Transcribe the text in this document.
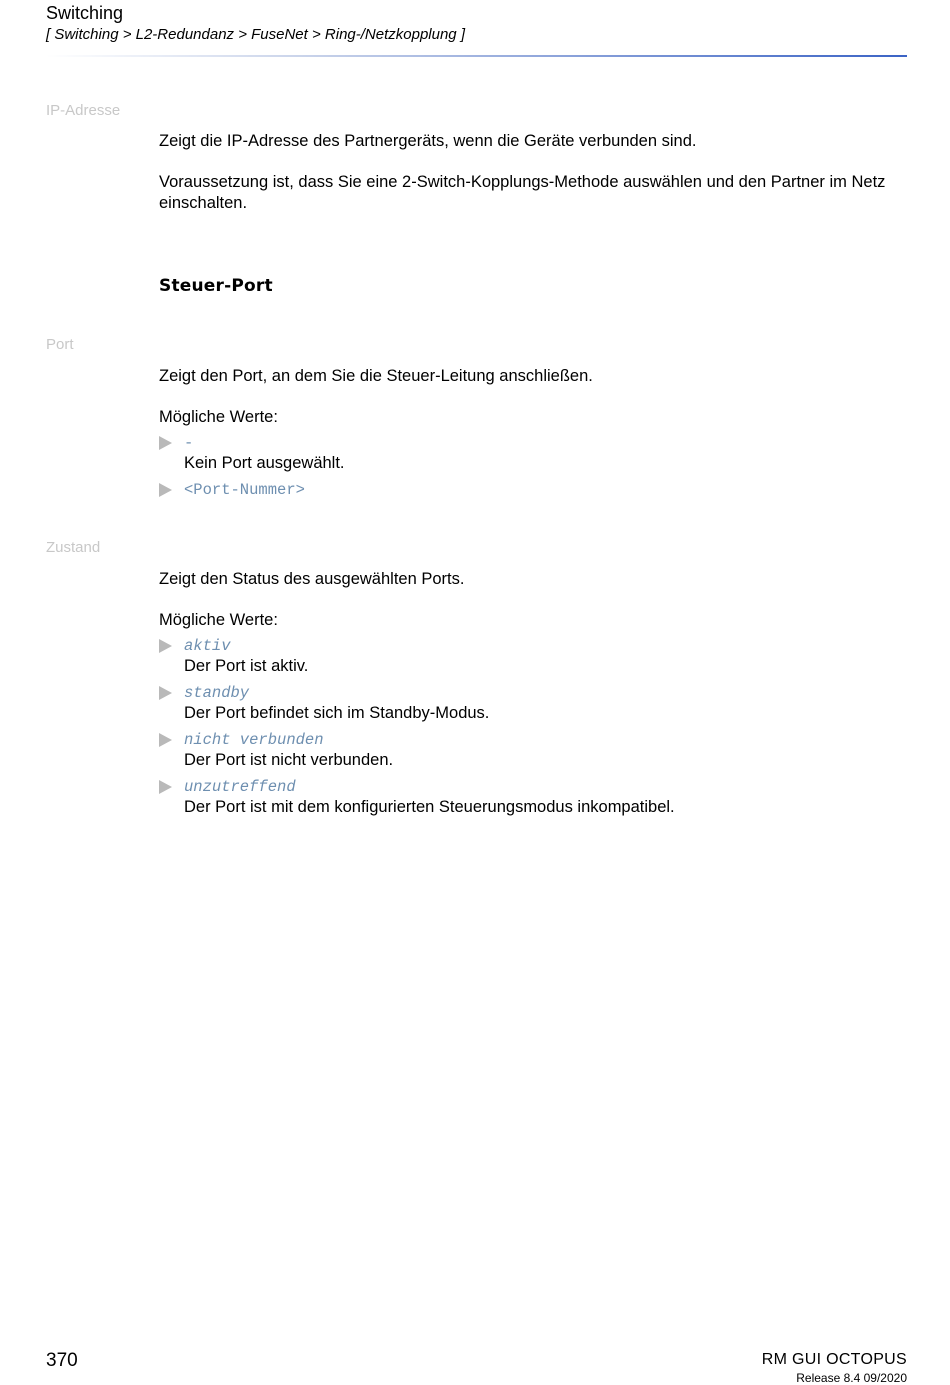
Switching
[ Switching > L2-Redundanz > FuseNet > Ring-/Netzkopplung ]
IP-Adresse
Zeigt die IP-Adresse des Partnergeräts, wenn die Geräte verbunden sind.
Voraussetzung ist, dass Sie eine 2-Switch-Kopplungs-Methode auswählen und den Partner im Netz einschalten.
Steuer-Port
Port
Zeigt den Port, an dem Sie die Steuer-Leitung anschließen.
Mögliche Werte:
-
Kein Port ausgewählt.
<Port-Nummer>
Zustand
Zeigt den Status des ausgewählten Ports.
Mögliche Werte:
aktiv
Der Port ist aktiv.
standby
Der Port befindet sich im Standby-Modus.
nicht verbunden
Der Port ist nicht verbunden.
unzutreffend
Der Port ist mit dem konfigurierten Steuerungsmodus inkompatibel.
370	RM GUI OCTOPUS
Release 8.4 09/2020
